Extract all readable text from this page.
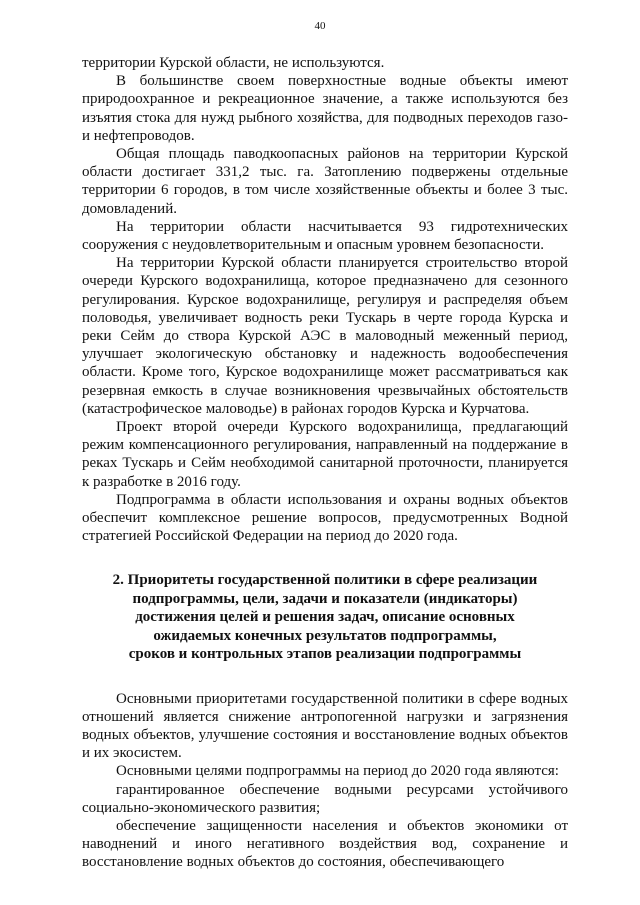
40

территории Курской области, не используются.

В большинстве своем поверхностные водные объекты имеют природоохранное и рекреационное значение, а также используются без изъятия стока для нужд рыбного хозяйства, для подводных переходов газо- и нефтепроводов.

Общая площадь паводкоопасных районов на территории Курской области достигает 331,2 тыс. га. Затоплению подвержены отдельные территории 6 городов, в том числе хозяйственные объекты и более 3 тыс. домовладений.

На территории области насчитывается 93 гидротехнических сооружения с неудовлетворительным и опасным уровнем безопасности.

На территории Курской области планируется строительство второй очереди Курского водохранилища, которое предназначено для сезонного регулирования. Курское водохранилище, регулируя и распределяя объем половодья, увеличивает водность реки Тускарь в черте города Курска и реки Сейм до створа Курской АЭС в маловодный меженный период, улучшает экологическую обстановку и надежность водообеспечения области. Кроме того, Курское водохранилище может рассматриваться как резервная емкость в случае возникновения чрезвычайных обстоятельств (катастрофическое маловодье) в районах городов Курска и Курчатова.

Проект второй очереди Курского водохранилища, предлагающий режим компенсационного регулирования, направленный на поддержание в реках Тускарь и Сейм необходимой санитарной проточности, планируется к разработке в 2016 году.

Подпрограмма в области использования и охраны водных объектов обеспечит комплексное решение вопросов, предусмотренных Водной стратегией Российской Федерации на период до 2020 года.

2. Приоритеты государственной политики в сфере реализации
подпрограммы, цели, задачи и показатели (индикаторы)
достижения целей и решения задач, описание основных
ожидаемых конечных результатов подпрограммы,
сроков и контрольных этапов реализации подпрограммы

Основными приоритетами государственной политики в сфере водных отношений является снижение антропогенной нагрузки и загрязнения водных объектов, улучшение состояния и восстановление водных объектов и их экосистем.

Основными целями подпрограммы на период до 2020 года являются:

гарантированное обеспечение водными ресурсами устойчивого социально-экономического развития;

обеспечение защищенности населения и объектов экономики от наводнений и иного негативного воздействия вод, сохранение и восстановление водных объектов до состояния, обеспечивающего
